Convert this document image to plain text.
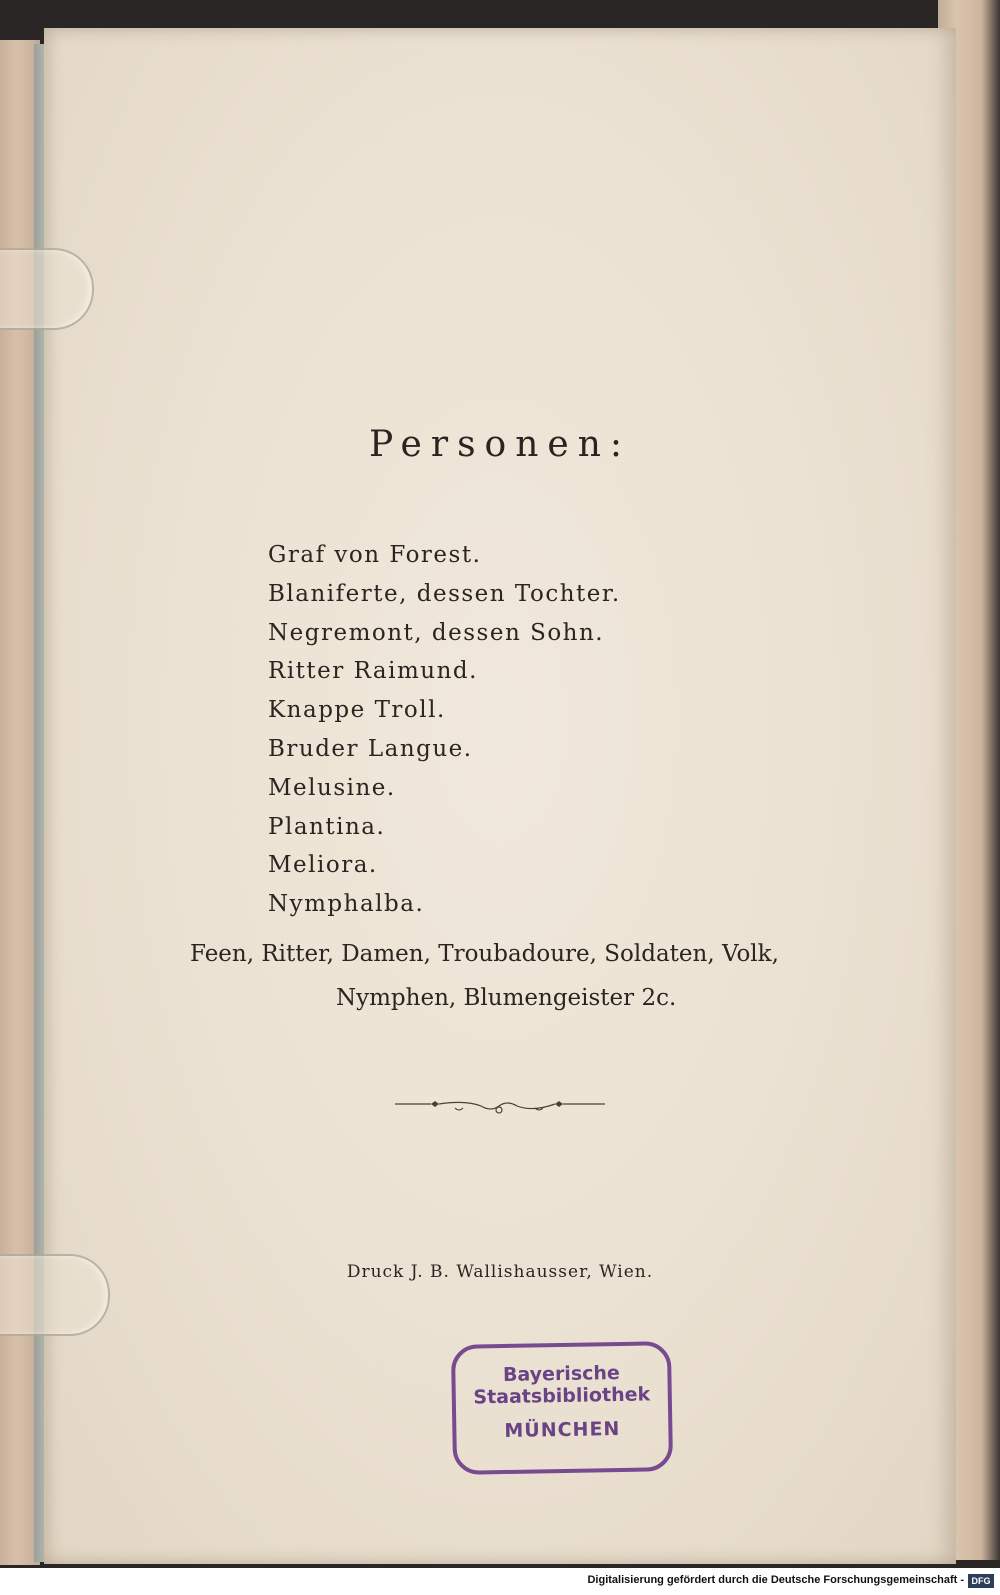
Personen:
Graf von Forest.
Blaniferte, dessen Tochter.
Negremont, dessen Sohn.
Ritter Raimund.
Knappe Troll.
Bruder Langue.
Melusine.
Plantina.
Meliora.
Nymphalba.
Feen, Ritter, Damen, Troubadoure, Soldaten, Volk,
Nymphen, Blumengeister 2c.
Druck J. B. Wallishausser, Wien.
Bayerische
Staatsbibliothek
MÜNCHEN
Digitalisierung gefördert durch die Deutsche Forschungsgemeinschaft - DFG
